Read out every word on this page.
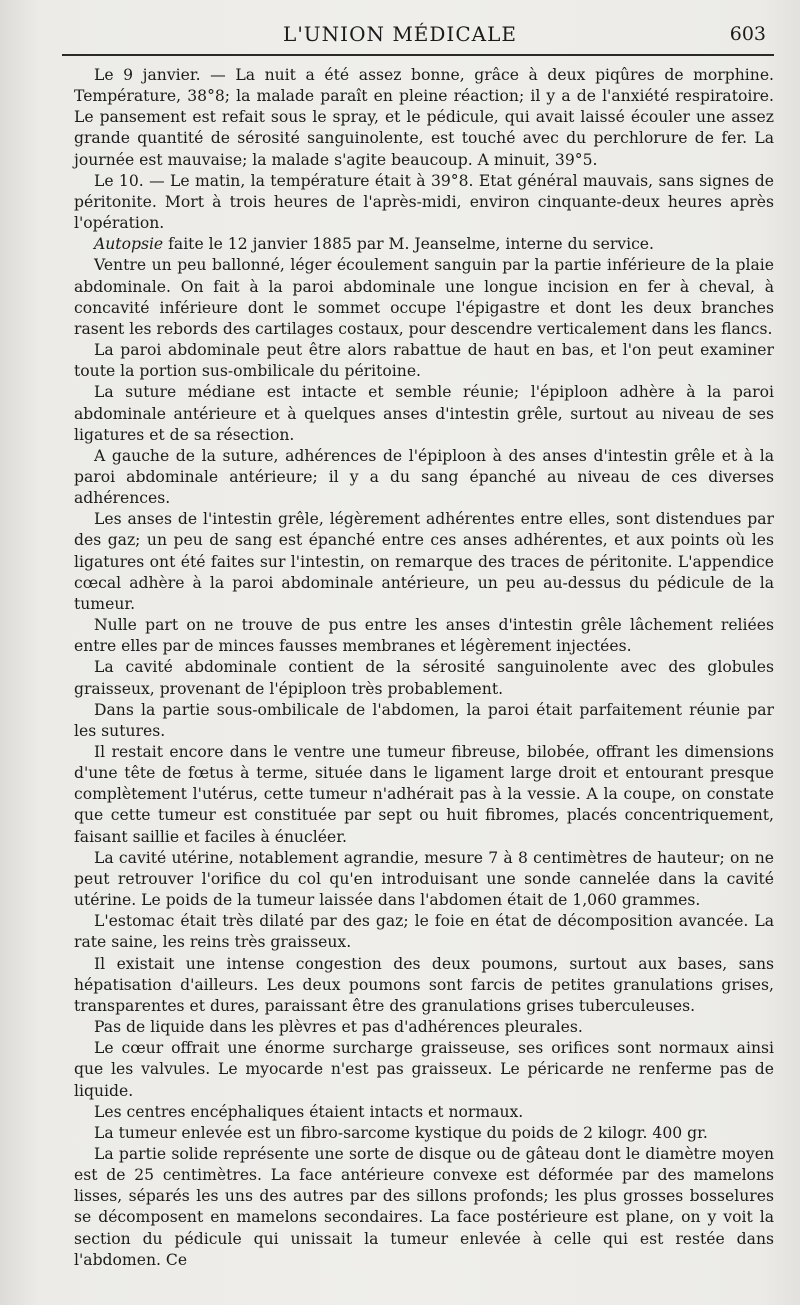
L'UNION MÉDICALE	603

Le 9 janvier. — La nuit a été assez bonne, grâce à deux piqûres de morphine. Température, 38°8; la malade paraît en pleine réaction; il y a de l'anxiété respiratoire. Le pansement est refait sous le spray, et le pédicule, qui avait laissé écouler une assez grande quantité de sérosité sanguinolente, est touché avec du perchlorure de fer. La journée est mauvaise; la malade s'agite beaucoup. A minuit, 39°5.

Le 10. — Le matin, la température était à 39°8. Etat général mauvais, sans signes de péritonite. Mort à trois heures de l'après-midi, environ cinquante-deux heures après l'opération.

Autopsie faite le 12 janvier 1885 par M. Jeanselme, interne du service.

Ventre un peu ballonné, léger écoulement sanguin par la partie inférieure de la plaie abdominale. On fait à la paroi abdominale une longue incision en fer à cheval, à concavité inférieure dont le sommet occupe l'épigastre et dont les deux branches rasent les rebords des cartilages costaux, pour descendre verticalement dans les flancs.

La paroi abdominale peut être alors rabattue de haut en bas, et l'on peut examiner toute la portion sus-ombilicale du péritoine.

La suture médiane est intacte et semble réunie; l'épiploon adhère à la paroi abdominale antérieure et à quelques anses d'intestin grêle, surtout au niveau de ses ligatures et de sa résection.

A gauche de la suture, adhérences de l'épiploon à des anses d'intestin grêle et à la paroi abdominale antérieure; il y a du sang épanché au niveau de ces diverses adhérences.

Les anses de l'intestin grêle, légèrement adhérentes entre elles, sont distendues par des gaz; un peu de sang est épanché entre ces anses adhérentes, et aux points où les ligatures ont été faites sur l'intestin, on remarque des traces de péritonite. L'appendice cœcal adhère à la paroi abdominale antérieure, un peu au-dessus du pédicule de la tumeur.

Nulle part on ne trouve de pus entre les anses d'intestin grêle lâchement reliées entre elles par de minces fausses membranes et légèrement injectées.

La cavité abdominale contient de la sérosité sanguinolente avec des globules graisseux, provenant de l'épiploon très probablement.

Dans la partie sous-ombilicale de l'abdomen, la paroi était parfaitement réunie par les sutures.

Il restait encore dans le ventre une tumeur fibreuse, bilobée, offrant les dimensions d'une tête de fœtus à terme, située dans le ligament large droit et entourant presque complètement l'utérus, cette tumeur n'adhérait pas à la vessie. A la coupe, on constate que cette tumeur est constituée par sept ou huit fibromes, placés concentriquement, faisant saillie et faciles à énucléer.

La cavité utérine, notablement agrandie, mesure 7 à 8 centimètres de hauteur; on ne peut retrouver l'orifice du col qu'en introduisant une sonde cannelée dans la cavité utérine. Le poids de la tumeur laissée dans l'abdomen était de 1,060 grammes.

L'estomac était très dilaté par des gaz; le foie en état de décomposition avancée. La rate saine, les reins très graisseux.

Il existait une intense congestion des deux poumons, surtout aux bases, sans hépatisation d'ailleurs. Les deux poumons sont farcis de petites granulations grises, transparentes et dures, paraissant être des granulations grises tuberculeuses.

Pas de liquide dans les plèvres et pas d'adhérences pleurales.

Le cœur offrait une énorme surcharge graisseuse, ses orifices sont normaux ainsi que les valvules. Le myocarde n'est pas graisseux. Le péricarde ne renferme pas de liquide.

Les centres encéphaliques étaient intacts et normaux.

La tumeur enlevée est un fibro-sarcome kystique du poids de 2 kilogr. 400 gr.

La partie solide représente une sorte de disque ou de gâteau dont le diamètre moyen est de 25 centimètres. La face antérieure convexe est déformée par des mamelons lisses, séparés les uns des autres par des sillons profonds; les plus grosses bosselures se décomposent en mamelons secondaires. La face postérieure est plane, on y voit la section du pédicule qui unissait la tumeur enlevée à celle qui est restée dans l'abdomen. Ce
